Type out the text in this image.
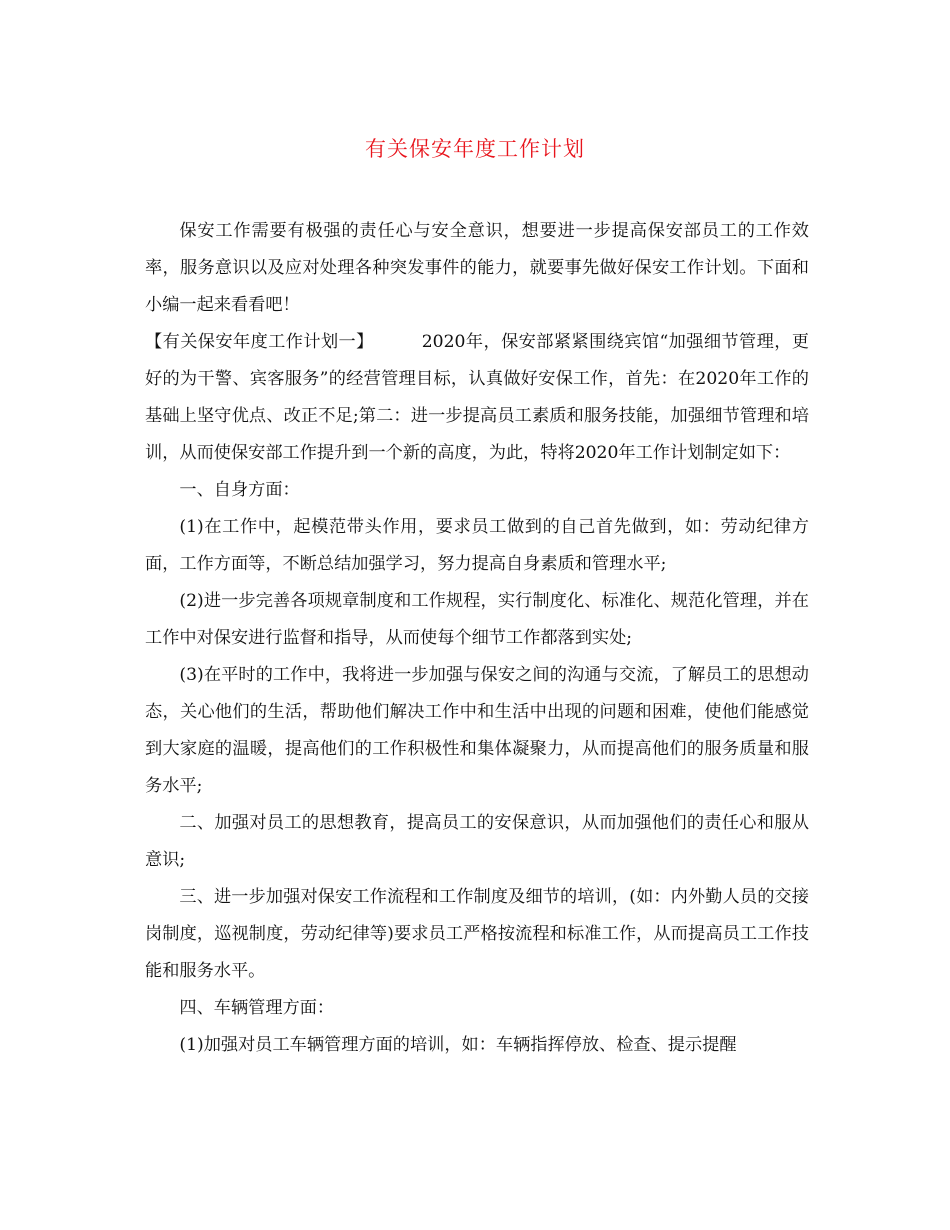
有关保安年度工作计划

保安工作需要有极强的责任心与安全意识，想要进一步提高保安部员工的工作效率，服务意识以及应对处理各种突发事件的能力，就要事先做好保安工作计划。下面和小编一起来看看吧！

【有关保安年度工作计划一】	2020年，保安部紧紧围绕宾馆“加强细节管理，更好的为干警、宾客服务”的经营管理目标，认真做好安保工作，首先：在2020年工作的基础上坚守优点、改正不足;第二：进一步提高员工素质和服务技能，加强细节管理和培训，从而使保安部工作提升到一个新的高度，为此，特将2020年工作计划制定如下：

一、自身方面：

(1)在工作中，起模范带头作用，要求员工做到的自己首先做到，如：劳动纪律方面，工作方面等，不断总结加强学习，努力提高自身素质和管理水平;

(2)进一步完善各项规章制度和工作规程，实行制度化、标准化、规范化管理，并在工作中对保安进行监督和指导，从而使每个细节工作都落到实处;

(3)在平时的工作中，我将进一步加强与保安之间的沟通与交流，了解员工的思想动态，关心他们的生活，帮助他们解决工作中和生活中出现的问题和困难，使他们能感觉到大家庭的温暖，提高他们的工作积极性和集体凝聚力，从而提高他们的服务质量和服务水平;

二、加强对员工的思想教育，提高员工的安保意识，从而加强他们的责任心和服从意识;

三、进一步加强对保安工作流程和工作制度及细节的培训，(如：内外勤人员的交接岗制度，巡视制度，劳动纪律等)要求员工严格按流程和标准工作，从而提高员工工作技能和服务水平。

四、车辆管理方面：

(1)加强对员工车辆管理方面的培训，如：车辆指挥停放、检查、提示提醒
